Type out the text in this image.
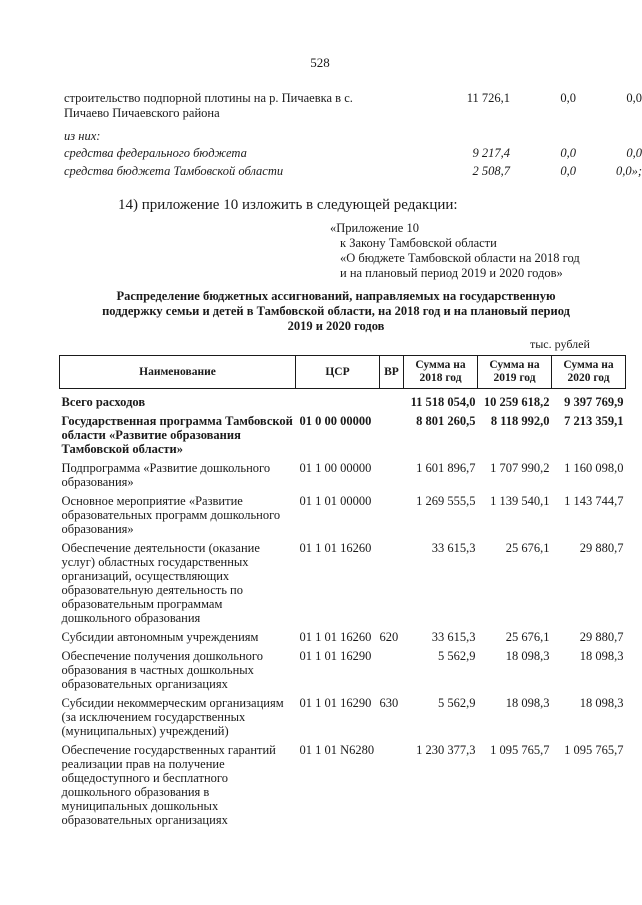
528
строительство подпорной плотины на р. Пичаевка в с. Пичаево Пичаевского района
11 726,1	0,0	0,0
из них:
средства федерального бюджета	9 217,4	0,0	0,0
средства бюджета Тамбовской области	2 508,7	0,0	0,0»;
14) приложение 10 изложить в следующей редакции:
«Приложение 10
к Закону Тамбовской области
«О бюджете Тамбовской области на 2018 год
и на плановый период 2019 и 2020 годов»
Распределение бюджетных ассигнований, направляемых на государственную поддержку семьи и детей в Тамбовской области, на 2018 год и на плановый период 2019 и 2020 годов
тыс. рублей
Наименование	ЦСР	ВР	Сумма на 2018 год	Сумма на 2019 год	Сумма на 2020 год
Всего расходов			11 518 054,0	10 259 618,2	9 397 769,9
Государственная программа Тамбовской области «Развитие образования Тамбовской области»	01 0 00 00000		8 801 260,5	8 118 992,0	7 213 359,1
Подпрограмма «Развитие дошкольного образования»	01 1 00 00000		1 601 896,7	1 707 990,2	1 160 098,0
Основное мероприятие «Развитие образовательных программ дошкольного образования»	01 1 01 00000		1 269 555,5	1 139 540,1	1 143 744,7
Обеспечение деятельности (оказание услуг) областных государственных организаций, осуществляющих образовательную деятельность по образовательным программам дошкольного образования	01 1 01 16260		33 615,3	25 676,1	29 880,7
Субсидии автономным учреждениям	01 1 01 16260	620	33 615,3	25 676,1	29 880,7
Обеспечение получения дошкольного образования в частных дошкольных образовательных организациях	01 1 01 16290		5 562,9	18 098,3	18 098,3
Субсидии некоммерческим организациям (за исключением государственных (муниципальных) учреждений)	01 1 01 16290	630	5 562,9	18 098,3	18 098,3
Обеспечение государственных гарантий реализации прав на получение общедоступного и бесплатного дошкольного образования в муниципальных дошкольных образовательных организациях	01 1 01 N6280		1 230 377,3	1 095 765,7	1 095 765,7
